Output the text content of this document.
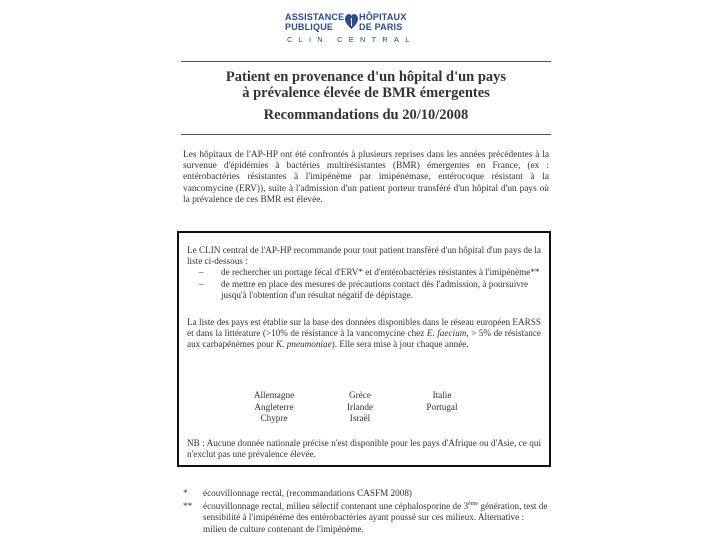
ASSISTANCE
PUBLIQUE
HÔPITAUX
DE PARIS
CLIN CENTRAL
Patient en provenance d'un hôpital d'un pays
à prévalence élevée de BMR émergentes
Recommandations du 20/10/2008
Les hôpitaux de l'AP-HP ont été confrontés à plusieurs reprises dans les années précédentes à la survenue d'épidémies à bactéries multirésistantes (BMR) émergentes en France, (ex : entérobactéries résistantes à l'imipénème par imipénémase, entérocoque résistant à la vancomycine (ERV)), suite à l'admission d'un patient porteur transféré d'un hôpital d'un pays où la prévalence de ces BMR est élevée.

Le CLIN central de l'AP-HP recommande pour tout patient transféré d'un hôpital d'un pays de la liste ci-dessous :

– de rechercher un portage fécal d'ERV* et d'entérobactéries résistantes à l'imipénème**
– de mettre en place des mesures de précautions contact dès l'admission, à poursuivre jusqu'à l'obtention d'un résultat négatif de dépistage.

La liste des pays est établie sur la base des données disponibles dans le réseau européen EARSS et dans la littérature (>10% de résistance à la vancomycine chez E. faecium, > 5% de résistance aux carbapénèmes pour K. pneumoniae). Elle sera mise à jour chaque année.

Allemagne
Angleterre
Chypre
Grèce
Irlande
Israël
Italie
Portugal
NB : Aucune donnée nationale précise n'est disponible pour les pays d'Afrique ou d'Asie, ce qui n'exclut pas une prévalence élevée.
* écouvillonnage rectal, (recommandations CASFM 2008)
** écouvillonnage rectal, milieu sélectif contenant une céphalosporine de 3ème génération, test de sensibilité à l'imipénème des entérobactéries ayant poussé sur ces milieux. Alternative : milieu de culture contenant de l'imipénème.
